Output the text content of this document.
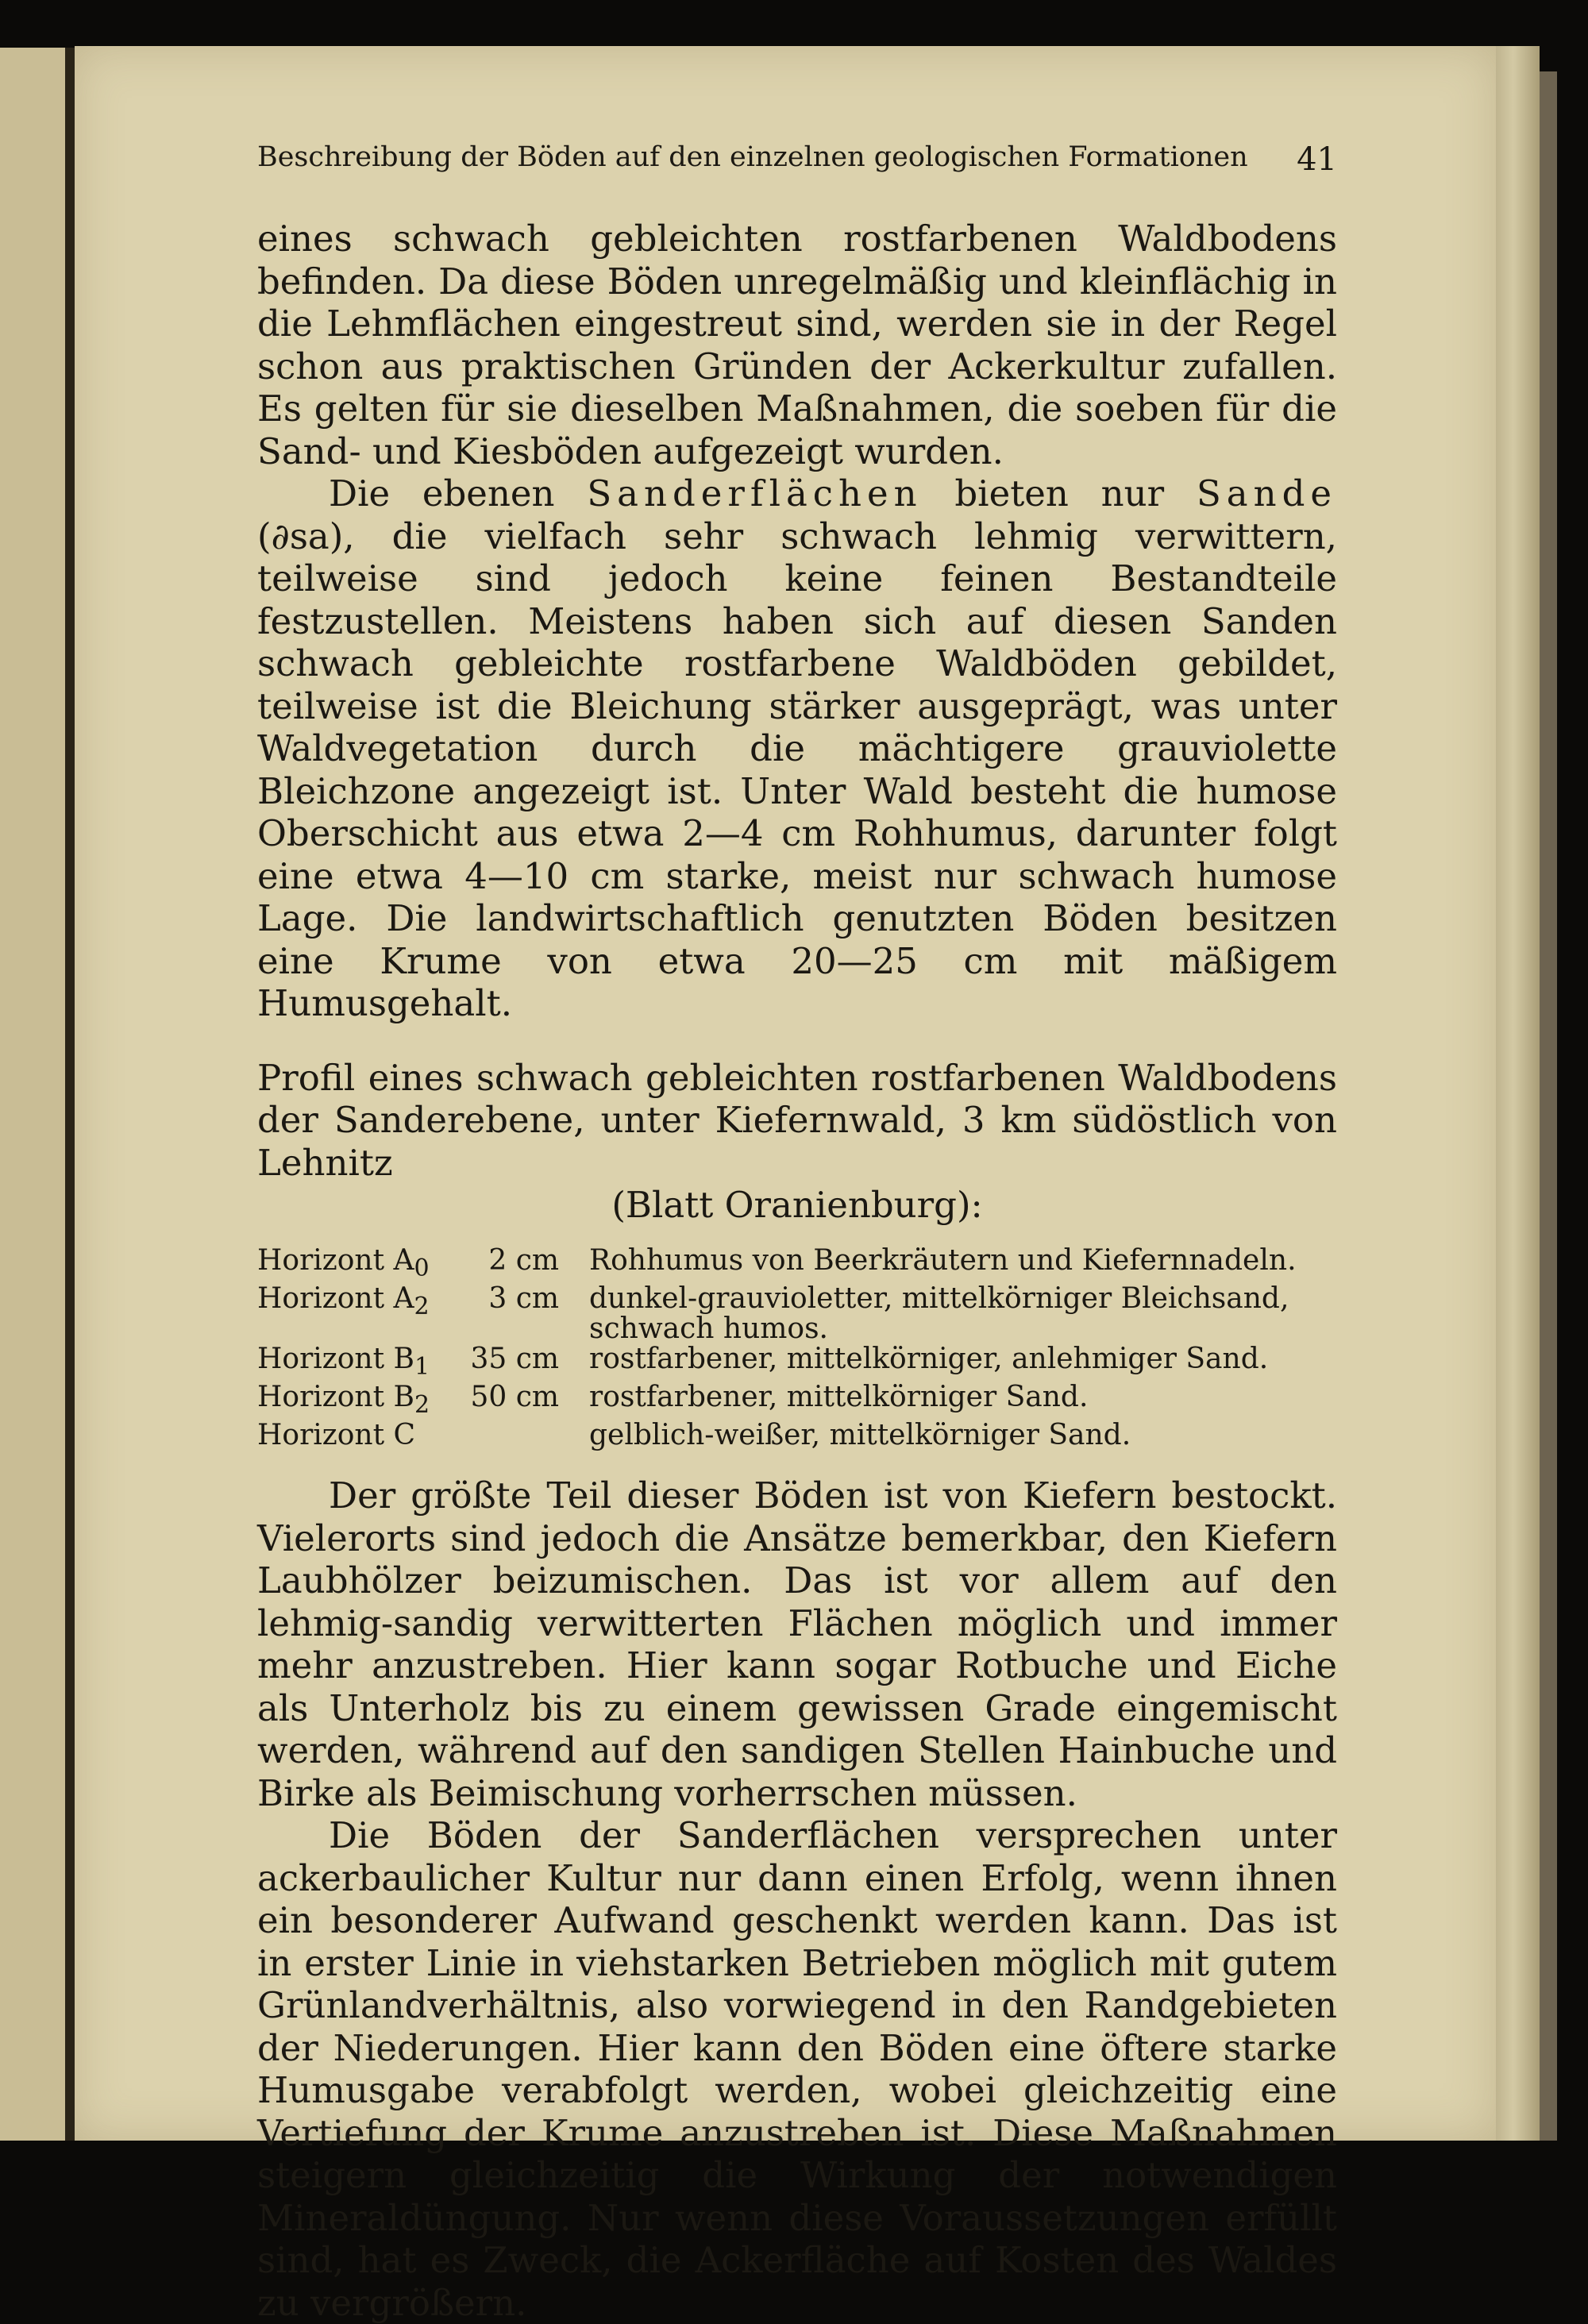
Beschreibung der Böden auf den einzelnen geologischen Formationen 41

eines schwach gebleichten rostfarbenen Waldbodens befinden. Da diese Böden unregelmäßig und kleinflächig in die Lehmflächen eingestreut sind, werden sie in der Regel schon aus praktischen Gründen der Ackerkultur zufallen. Es gelten für sie dieselben Maßnahmen, die soeben für die Sand- und Kiesböden aufgezeigt wurden.

Die ebenen Sanderflächen bieten nur Sande (∂sa), die vielfach sehr schwach lehmig verwittern, teilweise sind jedoch keine feinen Bestandteile festzustellen. Meistens haben sich auf diesen Sanden schwach gebleichte rostfarbene Waldböden gebildet, teilweise ist die Bleichung stärker ausgeprägt, was unter Waldvegetation durch die mächtigere grauviolette Bleichzone angezeigt ist. Unter Wald besteht die humose Oberschicht aus etwa 2—4 cm Rohhumus, darunter folgt eine etwa 4—10 cm starke, meist nur schwach humose Lage. Die landwirtschaftlich genutzten Böden besitzen eine Krume von etwa 20—25 cm mit mäßigem Humusgehalt.

Profil eines schwach gebleichten rostfarbenen Waldbodens der Sanderebene, unter Kiefernwald, 3 km südöstlich von Lehnitz

(Blatt Oranienburg):
Horizont $A_0$	2 cm	Rohhumus von Beerkräutern und Kiefernnadeln.
Horizont $A_2$	3 cm	dunkel-grauvioletter, mittelkörniger Bleichsand, schwach humos.
Horizont $B_1$	35 cm	rostfarbener, mittelkörniger, anlehmiger Sand.
Horizont $B_2$	50 cm	rostfarbener, mittelkörniger Sand.
Horizont C		gelblich-weißer, mittelkörniger Sand.

Der größte Teil dieser Böden ist von Kiefern bestockt. Vielerorts sind jedoch die Ansätze bemerkbar, den Kiefern Laubhölzer beizumischen. Das ist vor allem auf den lehmig-sandig verwitterten Flächen möglich und immer mehr anzustreben. Hier kann sogar Rotbuche und Eiche als Unterholz bis zu einem gewissen Grade eingemischt werden, während auf den sandigen Stellen Hainbuche und Birke als Beimischung vorherrschen müssen.

Die Böden der Sanderflächen versprechen unter ackerbaulicher Kultur nur dann einen Erfolg, wenn ihnen ein besonderer Aufwand geschenkt werden kann. Das ist in erster Linie in viehstarken Betrieben möglich mit gutem Grünlandverhältnis, also vorwiegend in den Randgebieten der Niederungen. Hier kann den Böden eine öftere starke Humusgabe verabfolgt werden, wobei gleichzeitig eine Vertiefung der Krume anzustreben ist. Diese Maßnahmen steigern gleichzeitig die Wirkung der notwendigen Mineraldüngung. Nur wenn diese Voraussetzungen erfüllt sind, hat es Zweck, die Ackerfläche auf Kosten des Waldes zu vergrößern.
